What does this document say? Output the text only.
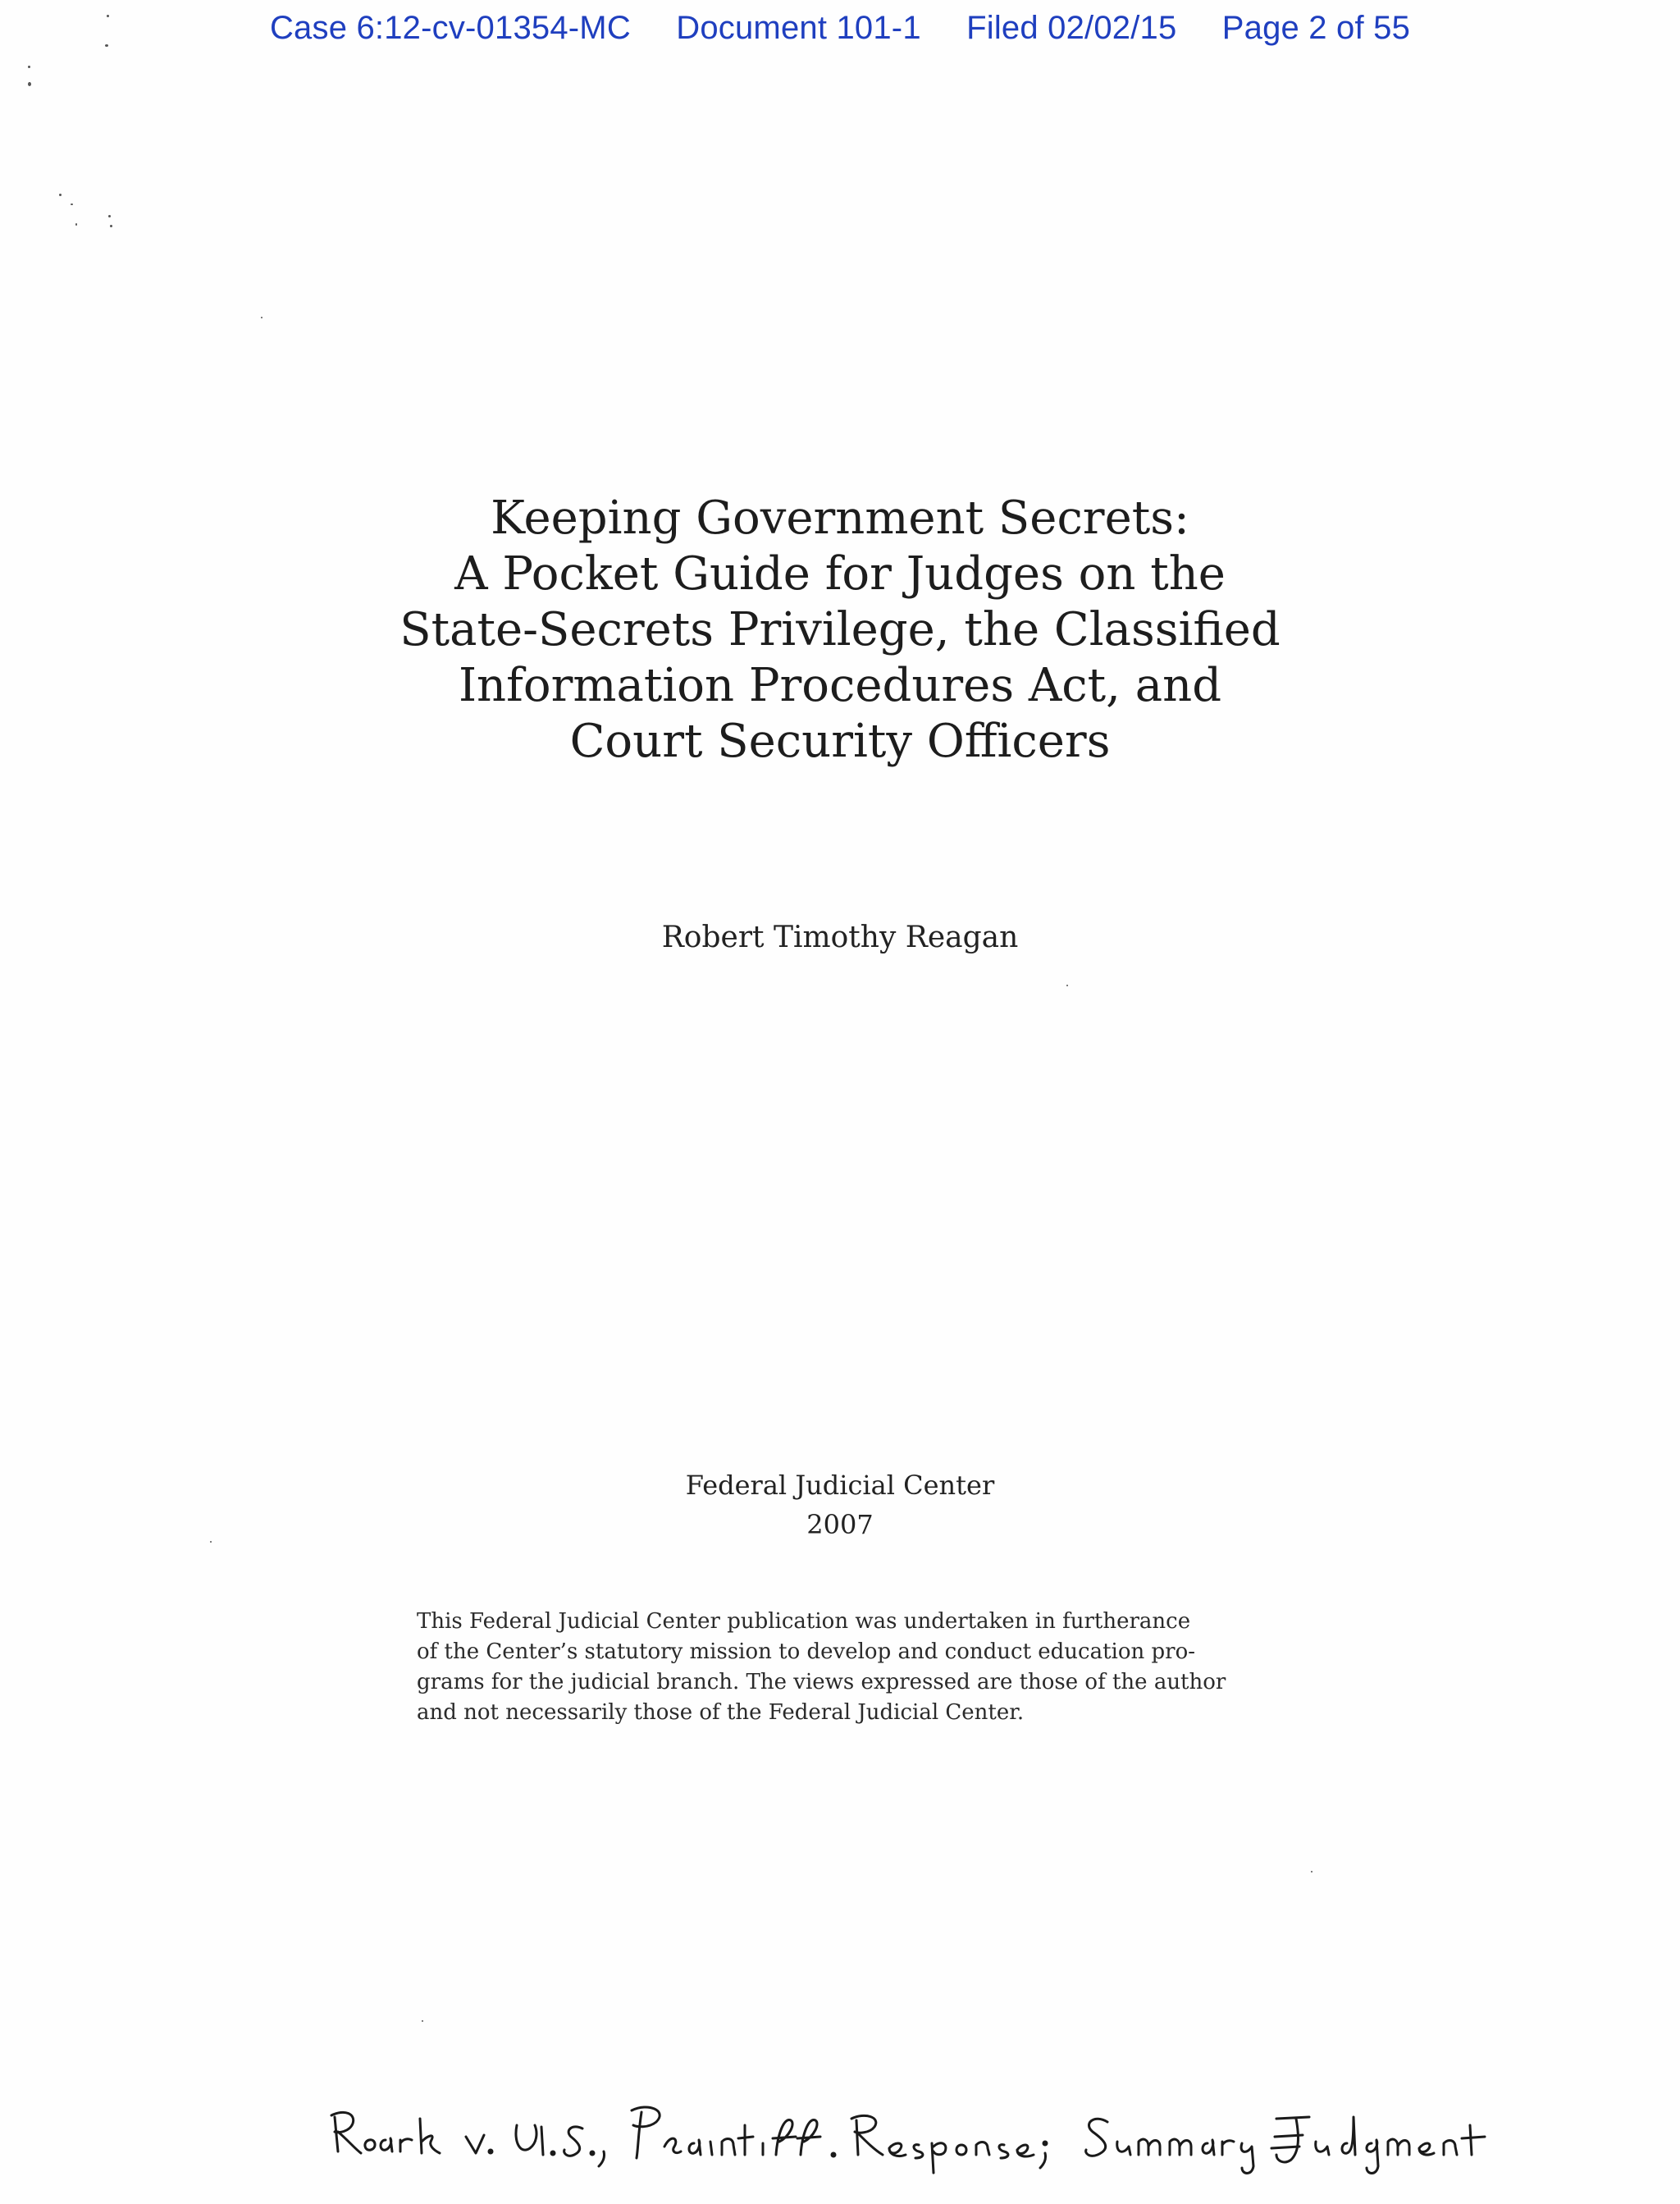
Case 6:12-cv-01354-MC Document 101-1 Filed 02/02/15 Page 2 of 55
Keeping Government Secrets:
A Pocket Guide for Judges on the
State-Secrets Privilege, the Classified
Information Procedures Act, and
Court Security Officers
Robert Timothy Reagan
Federal Judicial Center
2007
This Federal Judicial Center publication was undertaken in furtherance
of the Center’s statutory mission to develop and conduct education pro-
grams for the judicial branch. The views expressed are those of the author
and not necessarily those of the Federal Judicial Center.
